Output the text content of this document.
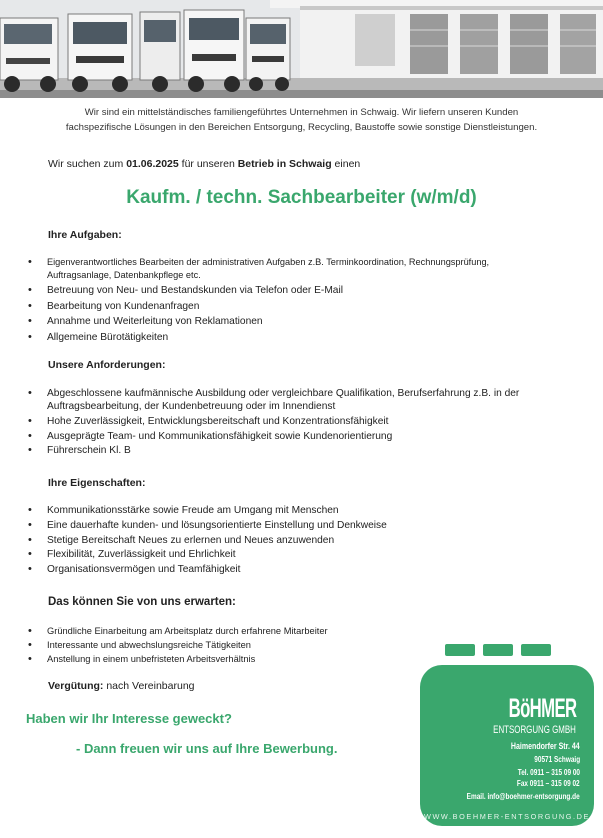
Wir sind ein mittelständisches familiengeführtes Unternehmen in Schwaig. Wir liefern unseren Kunden
fachspezifische Lösungen in den Bereichen Entsorgung, Recycling, Baustoffe sowie sonstige Dienstleistungen.
Wir suchen zum 01.06.2025 für unseren Betrieb in Schwaig einen
Kaufm. / techn. Sachbearbeiter (w/m/d)
Ihre Aufgaben:
• Eigenverantwortliches Bearbeiten der administrativen Aufgaben z.B. Terminkoordination, Rechnungsprüfung, Auftragsanlage, Datenbankpflege etc.
• Betreuung von Neu- und Bestandskunden via Telefon oder E-Mail
• Bearbeitung von Kundenanfragen
• Annahme und Weiterleitung von Reklamationen
• Allgemeine Bürotätigkeiten
Unsere Anforderungen:
• Abgeschlossene kaufmännische Ausbildung oder vergleichbare Qualifikation, Berufserfahrung z.B. in der Auftragsbearbeitung, der Kundenbetreuung oder im Innendienst
• Hohe Zuverlässigkeit, Entwicklungsbereitschaft und Konzentrationsfähigkeit
• Ausgeprägte Team- und Kommunikationsfähigkeit sowie Kundenorientierung
• Führerschein Kl. B
Ihre Eigenschaften:
• Kommunikationsstärke sowie Freude am Umgang mit Menschen
• Eine dauerhafte kunden- und lösungsorientierte Einstellung und Denkweise
• Stetige Bereitschaft Neues zu erlernen und Neues anzuwenden
• Flexibilität, Zuverlässigkeit und Ehrlichkeit
• Organisationsvermögen und Teamfähigkeit
Das können Sie von uns erwarten:
• Gründliche Einarbeitung am Arbeitsplatz durch erfahrene Mitarbeiter
• Interessante und abwechslungsreiche Tätigkeiten
• Anstellung in einem unbefristeten Arbeitsverhältnis
Vergütung: nach Vereinbarung
Haben wir Ihr Interesse geweckt?
- Dann freuen wir uns auf Ihre Bewerbung.
BöHMER
ENTSORGUNG GMBH
Haimendorfer Str. 44
90571 Schwaig
Tel. 0911 – 315 09 00
Fax 0911 – 315 09 02
Email. info@boehmer-entsorgung.de
WWW.BOEHMER-ENTSORGUNG.DE
